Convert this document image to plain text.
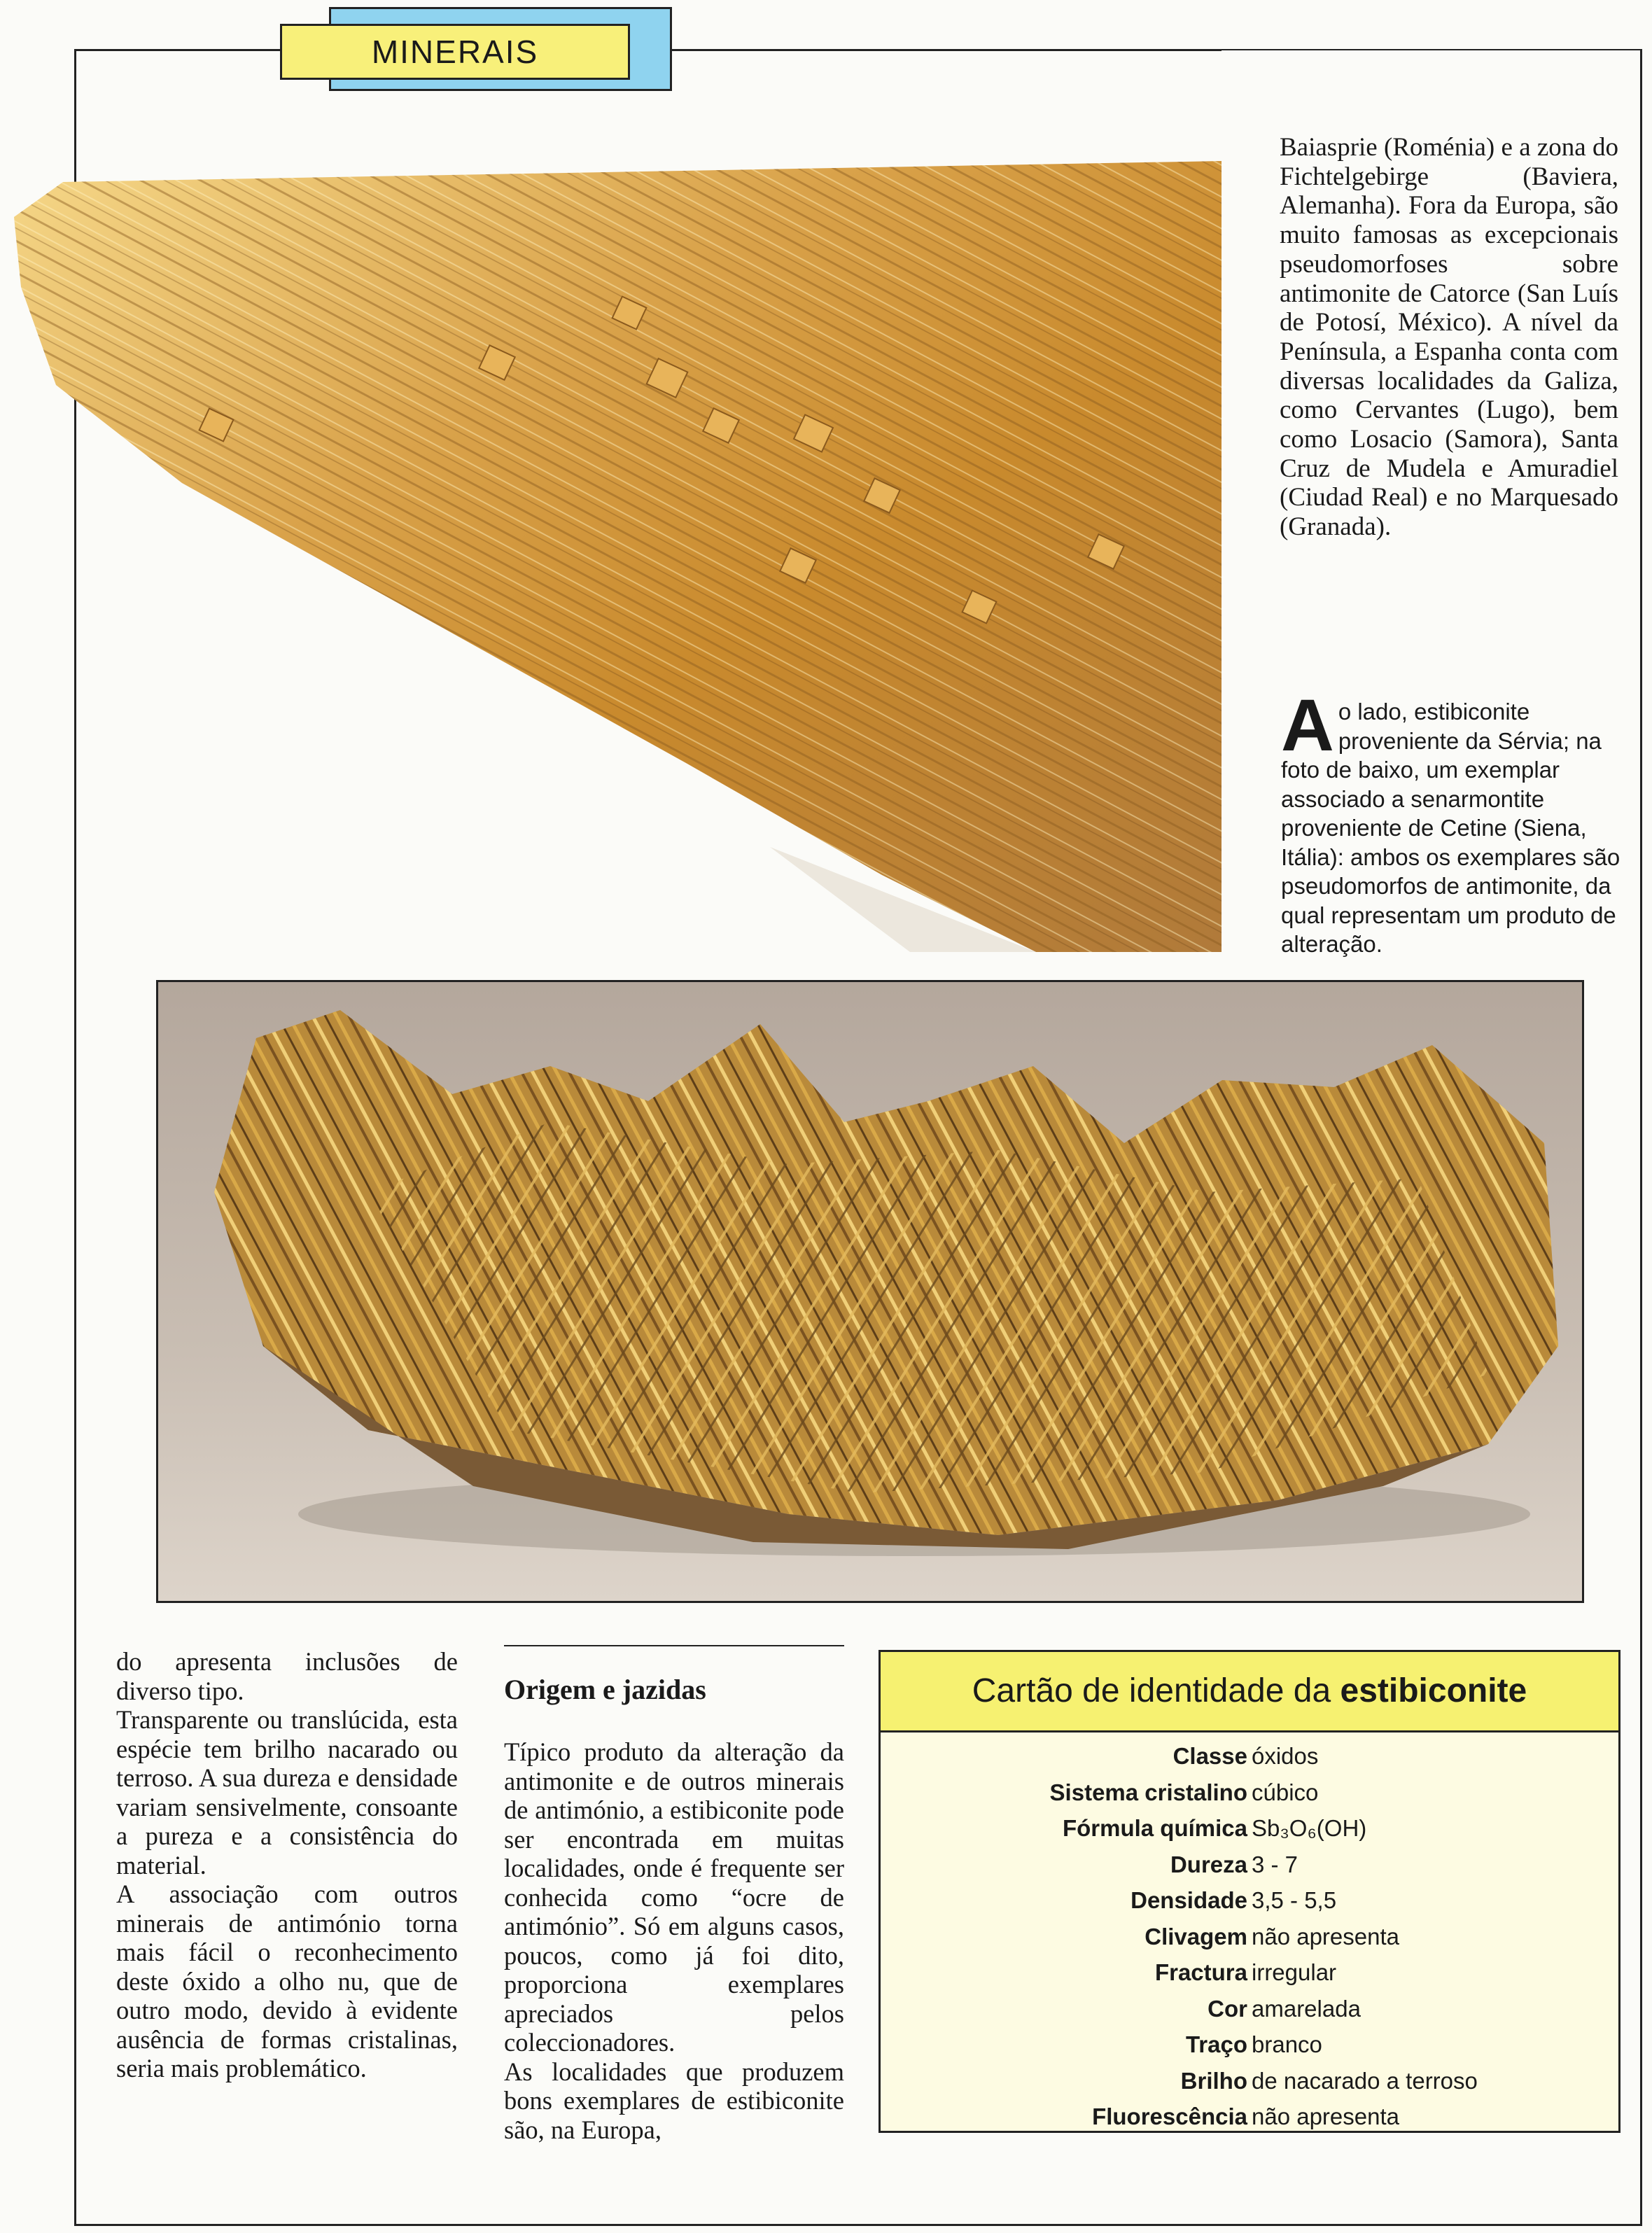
MINERAIS

Baiasprie (Roménia) e a zona do Fichtelgebirge (Baviera, Alemanha). Fora da Europa, são muito famosas as excepcionais pseudomorfoses sobre antimonite de Catorce (San Luís de Potosí, México). A nível da Península, a Espanha conta com diversas localidades da Galiza, como Cervantes (Lugo), bem como Losacio (Samora), Santa Cruz de Mudela e Amuradiel (Ciudad Real) e no Marquesado (Granada).

A o lado, estibiconite proveniente da Sérvia; na foto de baixo, um exemplar associado a senarmontite proveniente de Cetine (Siena, Itália): ambos os exemplares são pseudomorfos de antimonite, da qual representam um produto de alteração.

do apresenta inclusões de diverso tipo.

Transparente ou translúcida, esta espécie tem brilho nacarado ou terroso. A sua dureza e densidade variam sensivelmente, consoante a pureza e a consistência do material.

A associação com outros minerais de antimónio torna mais fácil o reconhecimento deste óxido a olho nu, que de outro modo, devido à evidente ausência de formas cristalinas, seria mais problemático.

Origem e jazidas

Típico produto da alteração da antimonite e de outros minerais de antimónio, a estibiconite pode ser encontrada em muitas localidades, onde é frequente ser conhecida como “ocre de antimónio”. Só em alguns casos, poucos, como já foi dito, proporciona exemplares apreciados pelos coleccionadores.

As localidades que produzem bons exemplares de estibiconite são, na Europa,

Cartão de identidade da estibiconite
Classe óxidos
Sistema cristalino cúbico
Fórmula química Sb₃O₆(OH)
Dureza 3 - 7
Densidade 3,5 - 5,5
Clivagem não apresenta
Fractura irregular
Cor amarelada
Traço branco
Brilho de nacarado a terroso
Fluorescência não apresenta
